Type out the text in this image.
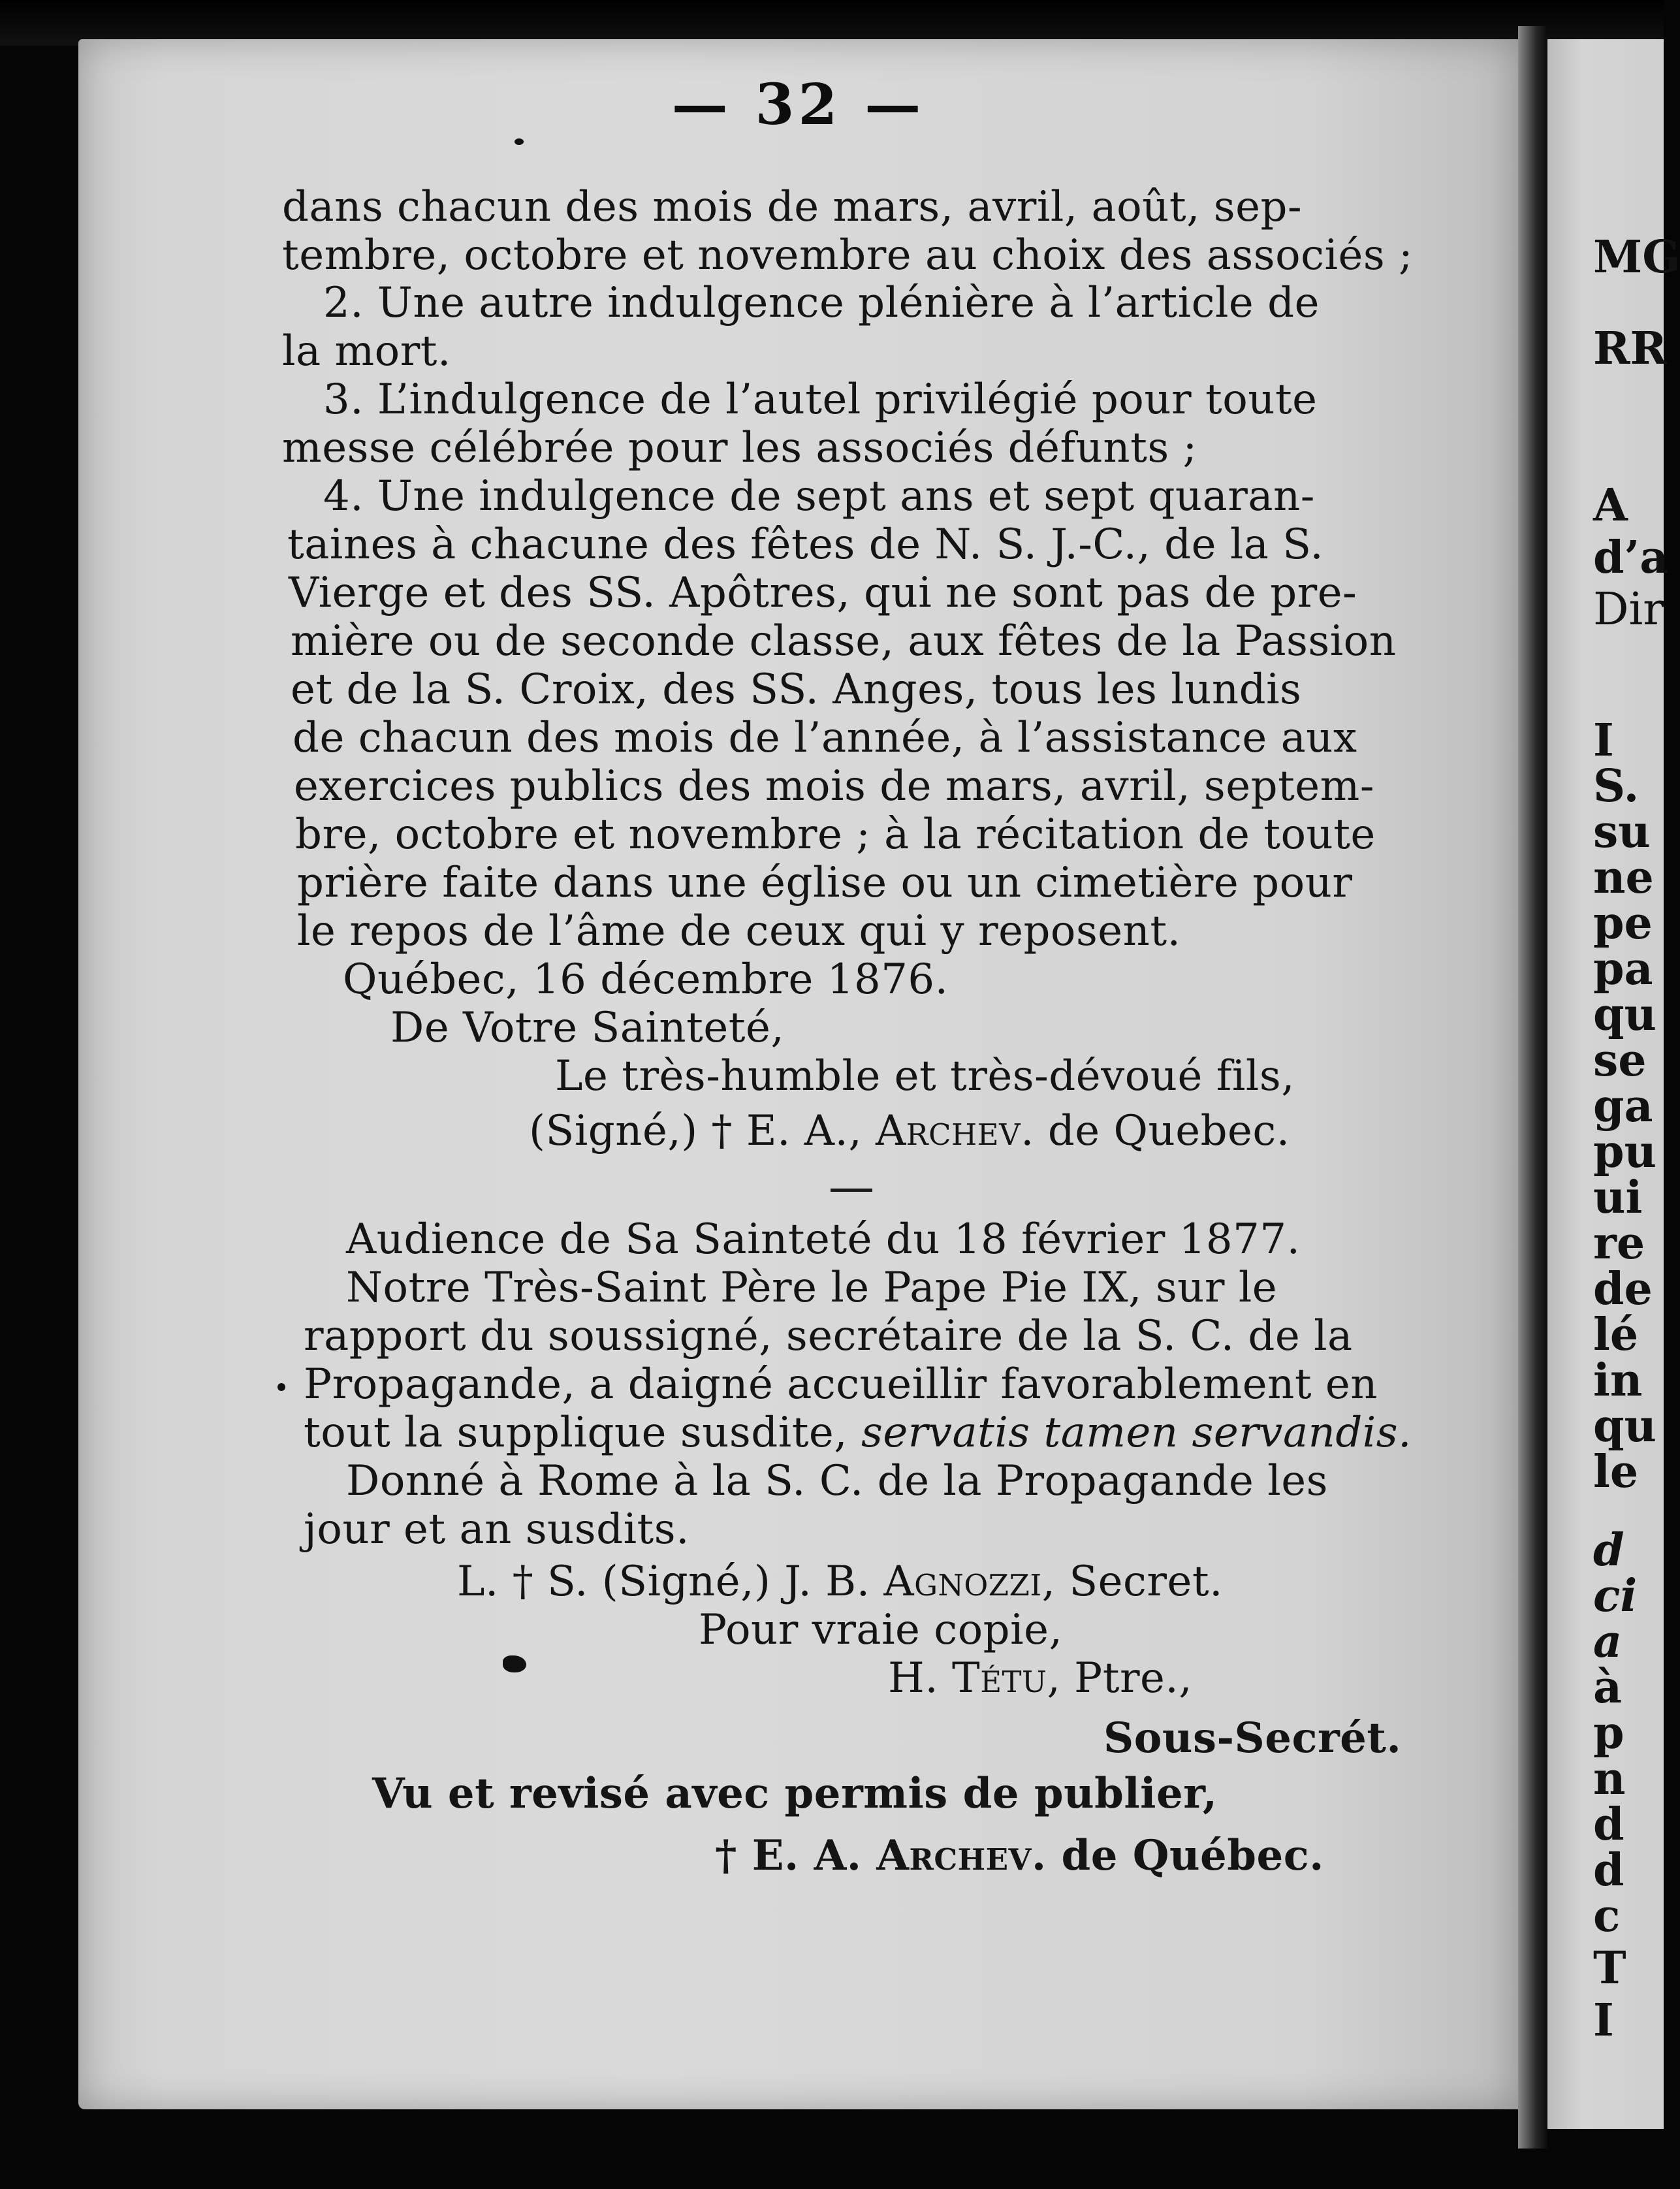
— 32 —
dans chacun des mois de mars, avril, août, sep-
tembre, octobre et novembre au choix des associés ;
2. Une autre indulgence plénière à l’article de
la mort.
3. L’indulgence de l’autel privilégié pour toute
messe célébrée pour les associés défunts ;
4. Une indulgence de sept ans et sept quaran-
taines à chacune des fêtes de N. S. J.-C., de la S.
Vierge et des SS. Apôtres, qui ne sont pas de pre-
mière ou de seconde classe, aux fêtes de la Passion
et de la S. Croix, des SS. Anges, tous les lundis
de chacun des mois de l’année, à l’assistance aux
exercices publics des mois de mars, avril, septem-
bre, octobre et novembre ; à la récitation de toute
prière faite dans une église ou un cimetière pour
le repos de l’âme de ceux qui y reposent.
Québec, 16 décembre 1876.
De Votre Sainteté,
Le très-humble et très-dévoué fils,
(Signé,) † E. A., Archev. de Quebec.
Audience de Sa Sainteté du 18 février 1877.
Notre Très-Saint Père le Pape Pie IX, sur le
rapport du soussigné, secrétaire de la S. C. de la
Propagande, a daigné accueillir favorablement en
tout la supplique susdite, servatis tamen servandis.
Donné à Rome à la S. C. de la Propagande les
jour et an susdits.
L. † S. (Signé,) J. B. Agnozzi, Secret.
Pour vraie copie,
H. Tétu, Ptre.,
Sous-Secrét.
Vu et revisé avec permis de publier,
† E. A. Archev. de Québec.
MG
RR
A
d’a
Dir
I
S.
su
ne
pe
pa
qu
se
ga
pu
ui
re
de
lé
in
qu
le
d
ci
a
à
p
n
d
d
c
T
I
